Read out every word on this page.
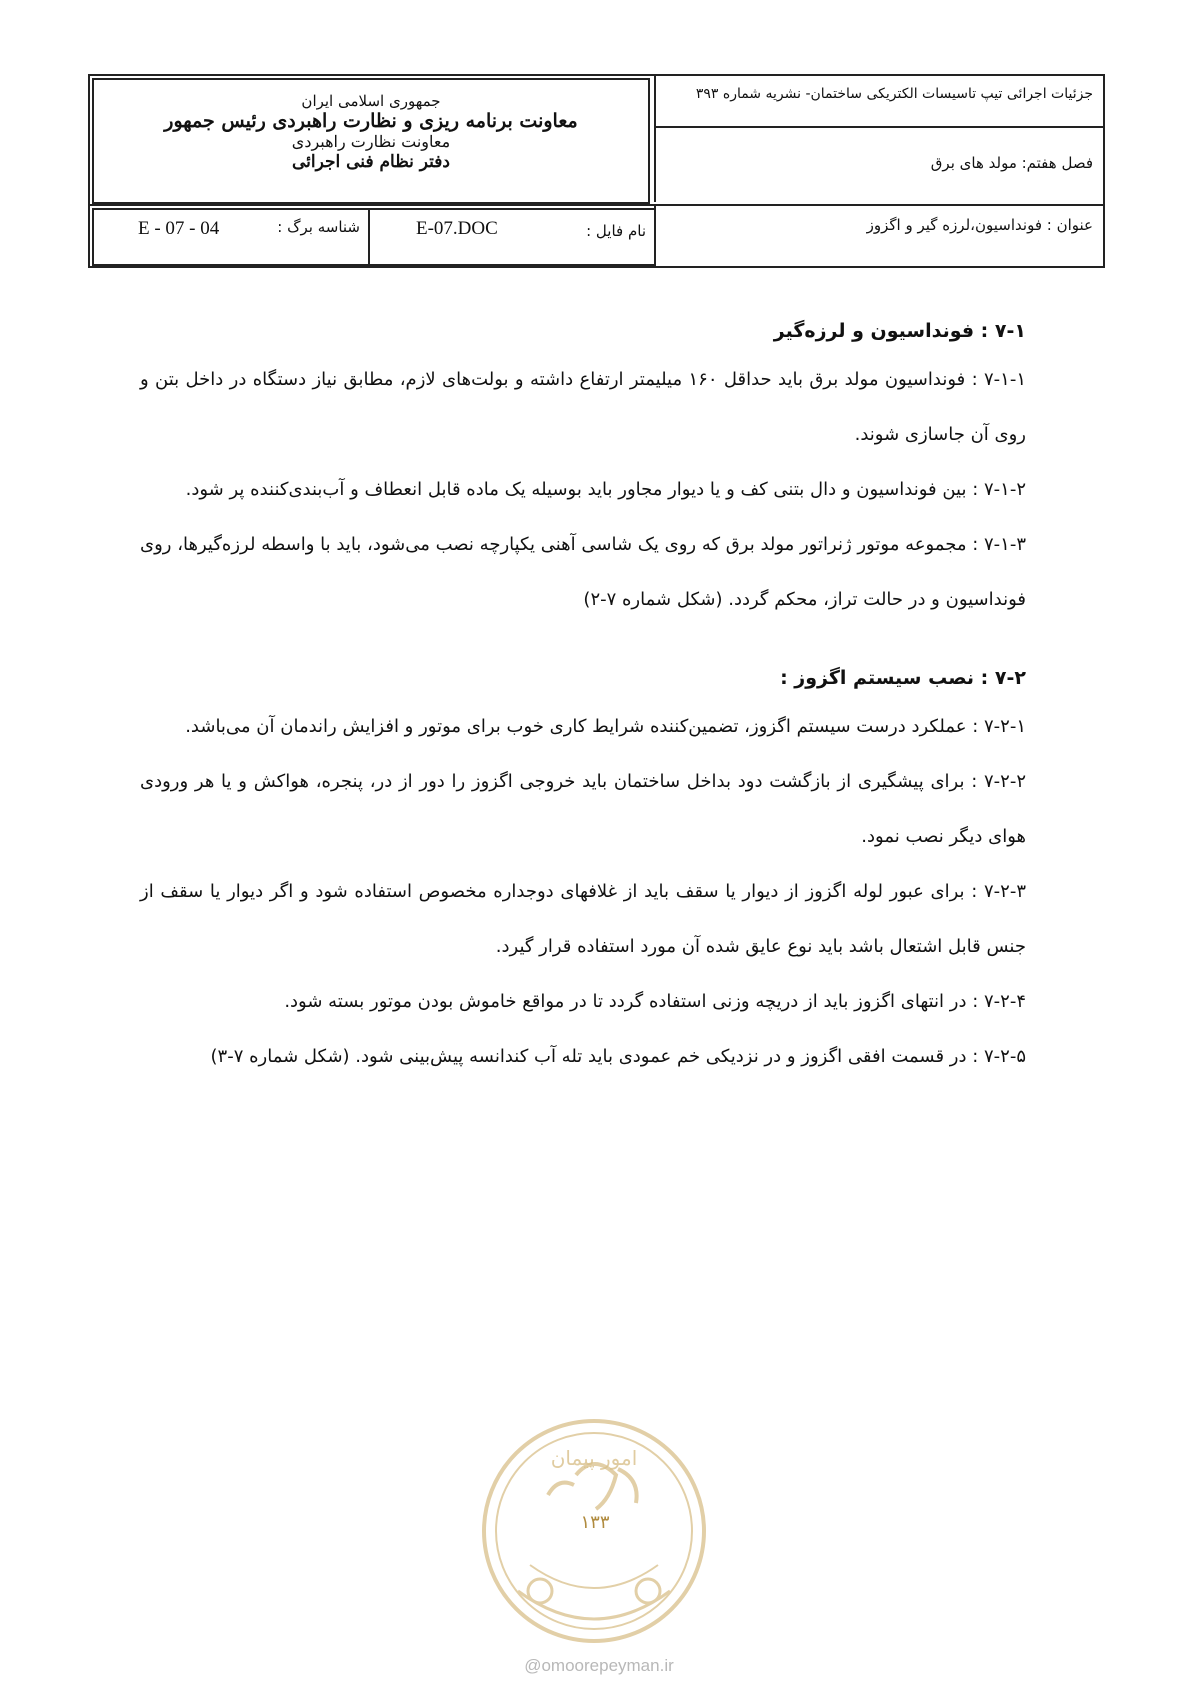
جمهوری اسلامی ایران
معاونت برنامه ریزی و نظارت راهبردی رئیس جمهور
معاونت نظارت راهبردی
دفتر نظام فنی اجرائی
جزئیات اجرائی تیپ تاسیسات الکتریکی ساختمان- نشریه شماره ۳۹۳
فصل هفتم: مولد های برق
E - 07 - 04	شناسه برگ :	E-07.DOC	نام فایل :	عنوان : فونداسیون،لرزه گیر و اگزوز
۷-۱ : فونداسیون و لرزه‌گیر

۷-۱-۱ : فونداسیون مولد برق باید حداقل ۱۶۰ میلیمتر ارتفاع داشته و بولت‌های لازم، مطابق نیاز دستگاه در داخل بتن و روی آن جاسازی شوند.

۷-۱-۲ : بین فونداسیون و دال بتنی کف و یا دیوار مجاور باید بوسیله یک ماده قابل انعطاف و آب‌بندی‌کننده پر شود.

۷-۱-۳ : مجموعه موتور ژنراتور مولد برق که روی یک شاسی آهنی یکپارچه نصب می‌شود، باید با واسطه لرزه‌گیرها، روی فونداسیون و در حالت تراز، محکم گردد. (شکل شماره ۷-۲)

۷-۲ : نصب سیستم اگزوز :

۷-۲-۱ : عملکرد درست سیستم اگزوز، تضمین‌کننده شرایط کاری خوب برای موتور و افزایش راندمان آن می‌باشد.

۷-۲-۲ : برای پیشگیری از بازگشت دود بداخل ساختمان باید خروجی اگزوز را دور از در، پنجره، هواکش و یا هر ورودی هوای دیگر نصب نمود.

۷-۲-۳ : برای عبور لوله اگزوز از دیوار یا سقف باید از غلافهای دوجداره مخصوص استفاده شود و اگر دیوار یا سقف از جنس قابل اشتعال باشد باید نوع عایق شده آن مورد استفاده قرار گیرد.

۷-۲-۴ : در انتهای اگزوز باید از دریچه وزنی استفاده گردد تا در مواقع خاموش بودن موتور بسته شود.

۷-۲-۵ : در قسمت افقی اگزوز و در نزدیکی خم عمودی باید تله آب کندانسه پیش‌بینی شود. (شکل شماره ۷-۳)

امور پیمان
۱۳۳
@omoorepeyman.ir
